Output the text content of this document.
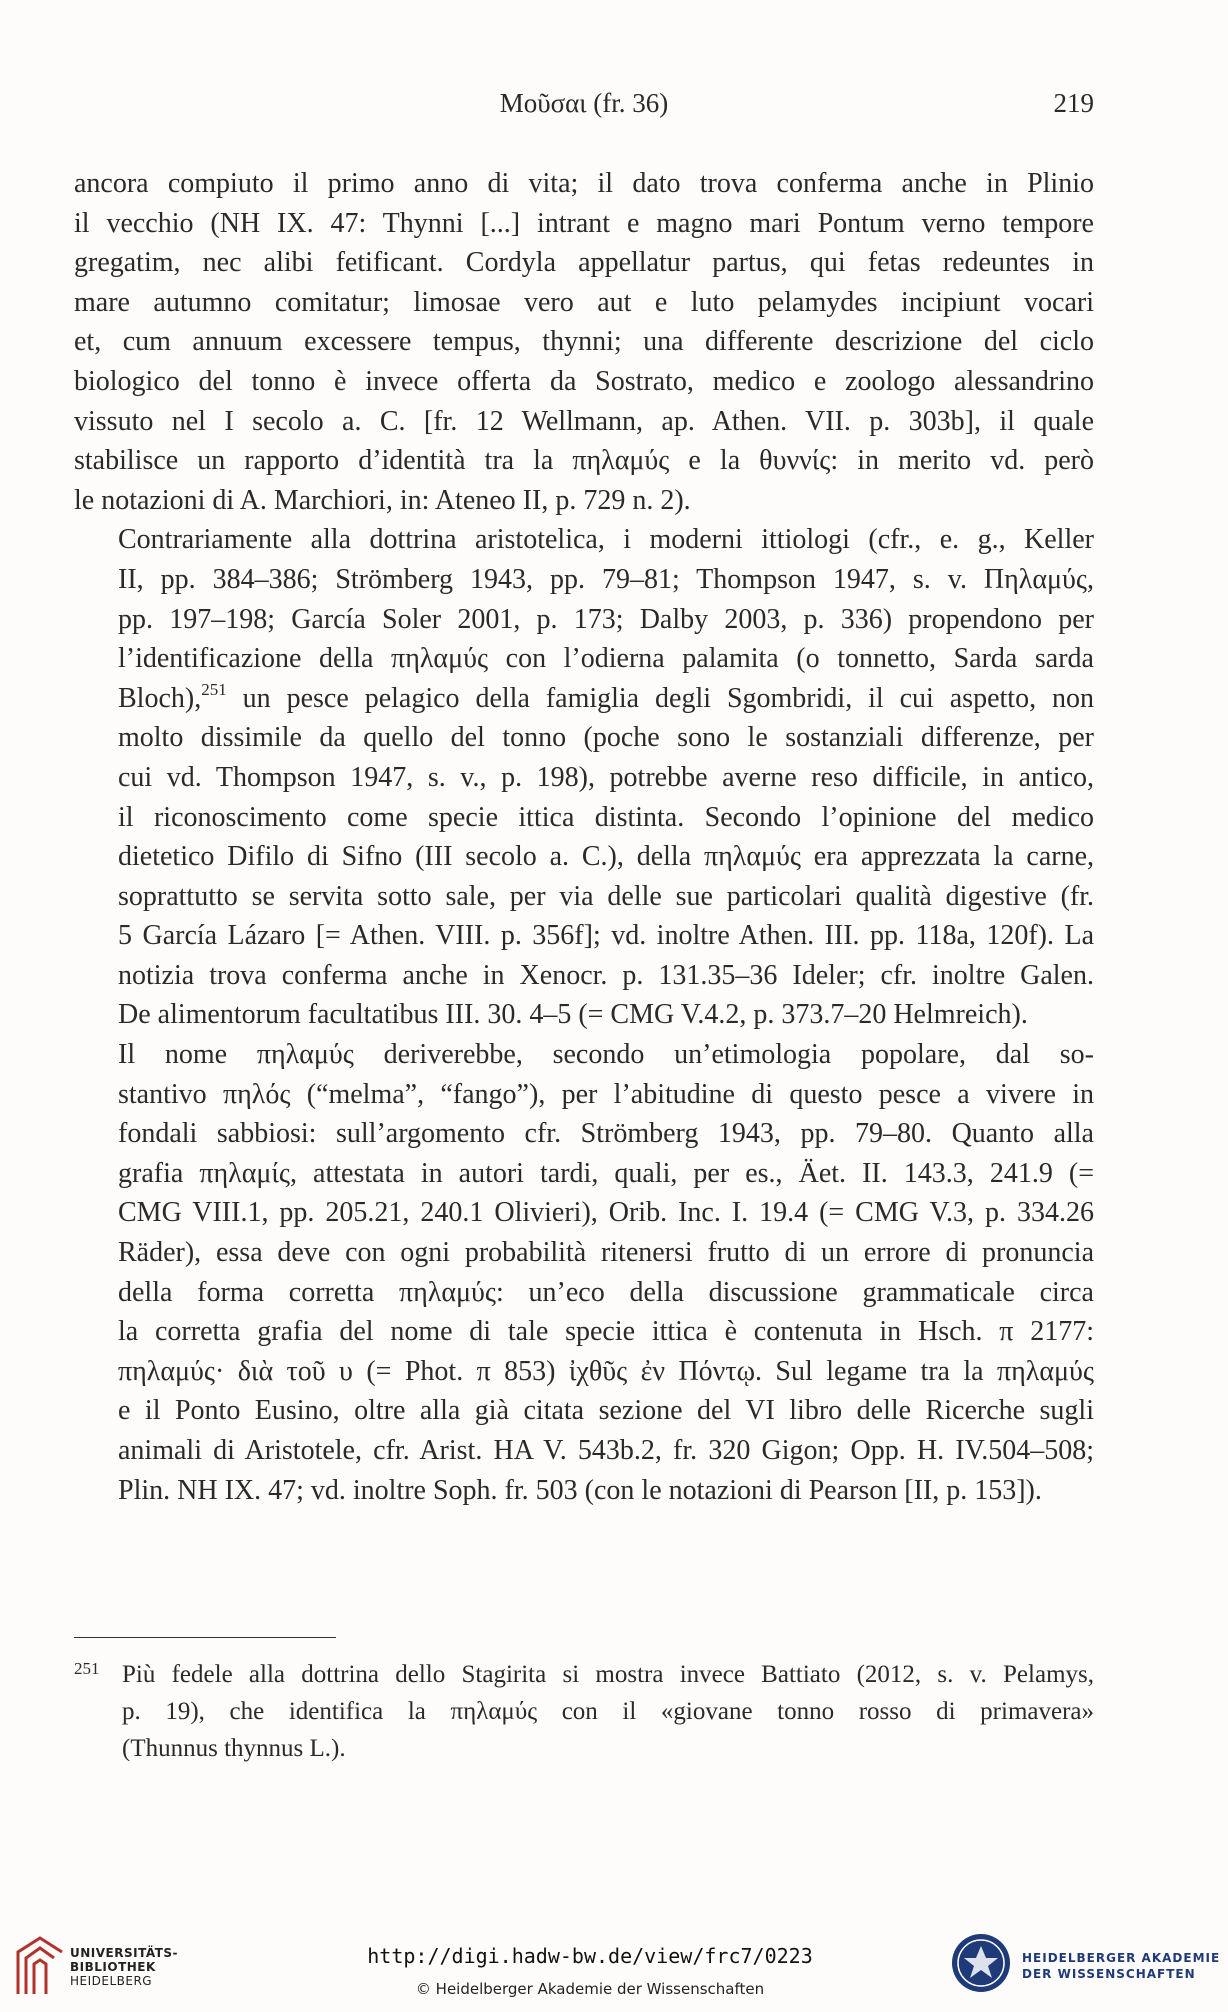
Μοῦσαι (fr. 36)	219

ancora compiuto il primo anno di vita; il dato trova conferma anche in Plinio
il vecchio (NH IX. 47: Thynni [...] intrant e magno mari Pontum verno tempore
gregatim, nec alibi fetificant. Cordyla appellatur partus, qui fetas redeuntes in
mare autumno comitatur; limosae vero aut e luto pelamydes incipiunt vocari
et, cum annuum excessere tempus, thynni; una differente descrizione del ciclo
biologico del tonno è invece offerta da Sostrato, medico e zoologo alessandrino
vissuto nel I secolo a. C. [fr. 12 Wellmann, ap. Athen. VII. p. 303b], il quale
stabilisce un rapporto d’identità tra la πηλαμύς e la θυννίς: in merito vd. però
le notazioni di A. Marchiori, in: Ateneo II, p. 729 n. 2).

Contrariamente alla dottrina aristotelica, i moderni ittiologi (cfr., e. g., Keller
II, pp. 384–386; Strömberg 1943, pp. 79–81; Thompson 1947, s. v. Πηλαμύς,
pp. 197–198; García Soler 2001, p. 173; Dalby 2003, p. 336) propendono per
l’identificazione della πηλαμύς con l’odierna palamita (o tonnetto, Sarda sarda
Bloch),$^{251}$ un pesce pelagico della famiglia degli Sgombridi, il cui aspetto, non
molto dissimile da quello del tonno (poche sono le sostanziali differenze, per
cui vd. Thompson 1947, s. v., p. 198), potrebbe averne reso difficile, in antico,
il riconoscimento come specie ittica distinta. Secondo l’opinione del medico
dietetico Difilo di Sifno (III secolo a. C.), della πηλαμύς era apprezzata la carne,
soprattutto se servita sotto sale, per via delle sue particolari qualità digestive (fr.
5 García Lázaro [= Athen. VIII. p. 356f]; vd. inoltre Athen. III. pp. 118a, 120f). La
notizia trova conferma anche in Xenocr. p. 131.35–36 Ideler; cfr. inoltre Galen.
De alimentorum facultatibus III. 30. 4–5 (= CMG V.4.2, p. 373.7–20 Helmreich).

Il nome πηλαμύς deriverebbe, secondo un’etimologia popolare, dal so-
stantivo πηλός (“melma”, “fango”), per l’abitudine di questo pesce a vivere in
fondali sabbiosi: sull’argomento cfr. Strömberg 1943, pp. 79–80. Quanto alla
grafia πηλαμίς, attestata in autori tardi, quali, per es., Äet. II. 143.3, 241.9 (=
CMG VIII.1, pp. 205.21, 240.1 Olivieri), Orib. Inc. I. 19.4 (= CMG V.3, p. 334.26
Räder), essa deve con ogni probabilità ritenersi frutto di un errore di pronuncia
della forma corretta πηλαμύς: un’eco della discussione grammaticale circa
la corretta grafia del nome di tale specie ittica è contenuta in Hsch. π 2177:
πηλαμύς· διὰ τοῦ υ (= Phot. π 853) ἰχθῦς ἐν Πόντῳ. Sul legame tra la πηλαμύς
e il Ponto Eusino, oltre alla già citata sezione del VI libro delle Ricerche sugli
animali di Aristotele, cfr. Arist. HA V. 543b.2, fr. 320 Gigon; Opp. H. IV.504–508;
Plin. NH IX. 47; vd. inoltre Soph. fr. 503 (con le notazioni di Pearson [II, p. 153]).

251 Più fedele alla dottrina dello Stagirita si mostra invece Battiato (2012, s. v. Pelamys,
p. 19), che identifica la πηλαμύς con il «giovane tonno rosso di primavera»
(Thunnus thynnus L.).
UNIVERSITÄTS-
BIBLIOTHEK
HEIDELBERG
http://digi.hadw-bw.de/view/frc7/0223
© Heidelberger Akademie der Wissenschaften
HEIDELBERGER AKADEMIE
DER WISSENSCHAFTEN
